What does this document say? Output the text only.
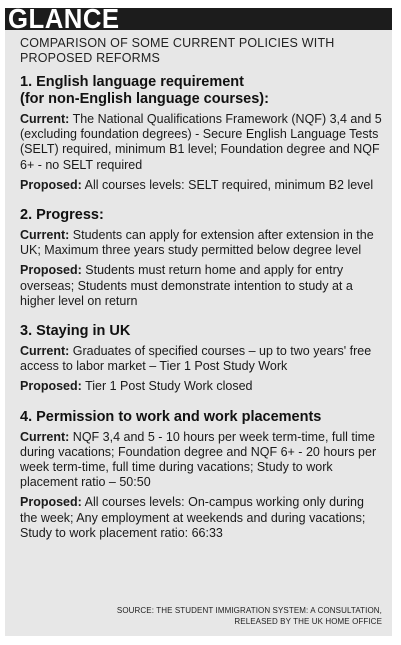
GLANCE
COMPARISON OF SOME CURRENT POLICIES WITH PROPOSED REFORMS
1. English language requirement
(for non-English language courses):

Current: The National Qualifications Framework (NQF) 3,4 and 5 (excluding foundation degrees) - Secure English Language Tests (SELT) required, minimum B1 level; Foundation degree and NQF 6+ - no SELT required

Proposed: All courses levels: SELT required, minimum B2 level

2. Progress:

Current: Students can apply for extension after extension in the UK; Maximum three years study permitted below degree level

Proposed: Students must return home and apply for entry overseas; Students must demonstrate intention to study at a higher level on return

3. Staying in UK

Current: Graduates of specified courses – up to two years' free access to labor market – Tier 1 Post Study Work

Proposed: Tier 1 Post Study Work closed

4. Permission to work and work placements

Current: NQF 3,4 and 5 - 10 hours per week term-time, full time during vacations; Foundation degree and NQF 6+ - 20 hours per week term-time, full time during vacations; Study to work placement ratio – 50:50

Proposed: All courses levels: On-campus working only during the week; Any employment at weekends and during vacations; Study to work placement ratio: 66:33

SOURCE: THE STUDENT IMMIGRATION SYSTEM: A CONSULTATION,
RELEASED BY THE UK HOME OFFICE
